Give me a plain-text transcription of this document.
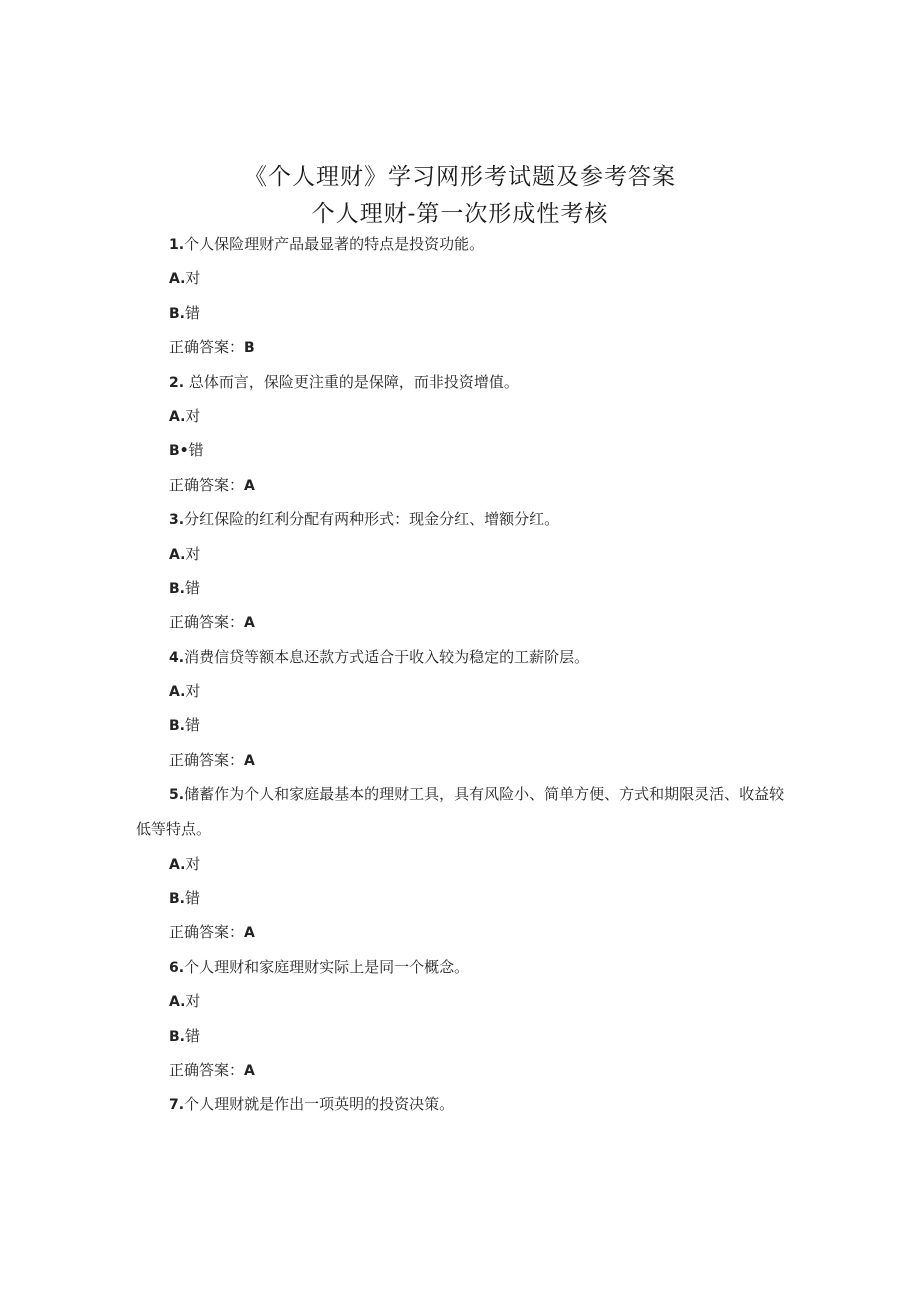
《个人理财》学习网形考试题及参考答案
个人理财-第一次形成性考核
1.个人保险理财产品最显著的特点是投资功能。
A.对
B.错
正确答案：B
2. 总体而言，保险更注重的是保障，而非投资增值。
A.对
B•错
正确答案：A
3.分红保险的红利分配有两种形式：现金分红、增额分红。
A.对
B.错
正确答案：A
4.消费信贷等额本息还款方式适合于收入较为稳定的工薪阶层。
A.对
B.错
正确答案：A
5.储蓄作为个人和家庭最基本的理财工具，具有风险小、简单方便、方式和期限灵活、收益较低等特点。
A.对
B.错
正确答案：A
6.个人理财和家庭理财实际上是同一个概念。
A.对
B.错
正确答案：A
7.个人理财就是作出一项英明的投资决策。
